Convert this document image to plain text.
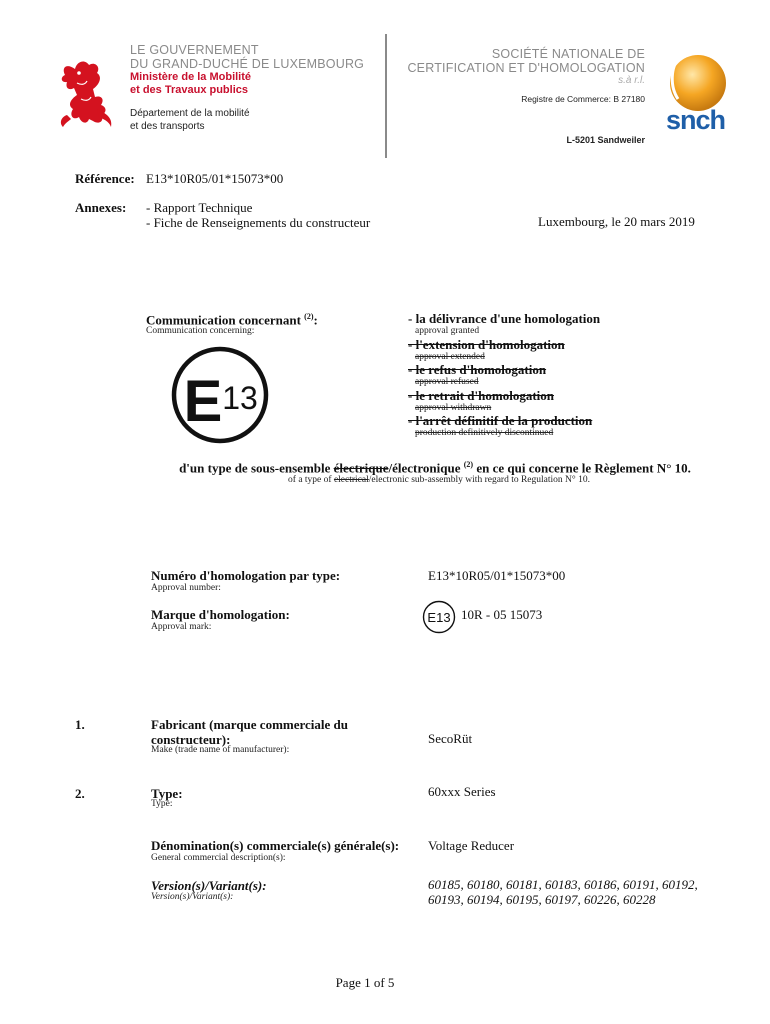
LE GOUVERNEMENT
DU GRAND-DUCHÉ DE LUXEMBOURG
Ministère de la Mobilité
et des Travaux publics
Département de la mobilité
et des transports
SOCIÉTÉ NATIONALE DE
CERTIFICATION ET D'HOMOLOGATION
s.à r.l.
Registre de Commerce: B 27180
L-5201 Sandweiler
snch
Référence: E13*10R05/01*15073*00
Annexes: - Rapport Technique
- Fiche de Renseignements du constructeur	Luxembourg, le 20 mars 2019
Communication concernant $^{(2)}$:
Communication concerning:
E 13
- la délivrance d'une homologation
approval granted
- l'extension d'homologation
approval extended
- le refus d'homologation
approval refused
- le retrait d'homologation
approval withdrawn
- l'arrêt définitif de la production
production definitively discontinued
d'un type de sous-ensemble électrique/électronique $^{(2)}$ en ce qui concerne le Règlement N° 10.
of a type of electrical/electronic sub-assembly with regard to Regulation N° 10.
Numéro d'homologation par type:
Approval number:
E13*10R05/01*15073*00
Marque d'homologation:
Approval mark:
E13 10R - 05 15073
1.	Fabricant (marque commerciale du
constructeur):
Make (trade name of manufacturer):
SecoRüt
2.	Type:
Type:
60xxx Series
Dénomination(s) commerciale(s) générale(s):
General commercial description(s):
Voltage Reducer
Version(s)/Variant(s):
Version(s)/Variant(s):
60185, 60180, 60181, 60183, 60186, 60191, 60192,
60193, 60194, 60195, 60197, 60226, 60228
Page 1 of 5
